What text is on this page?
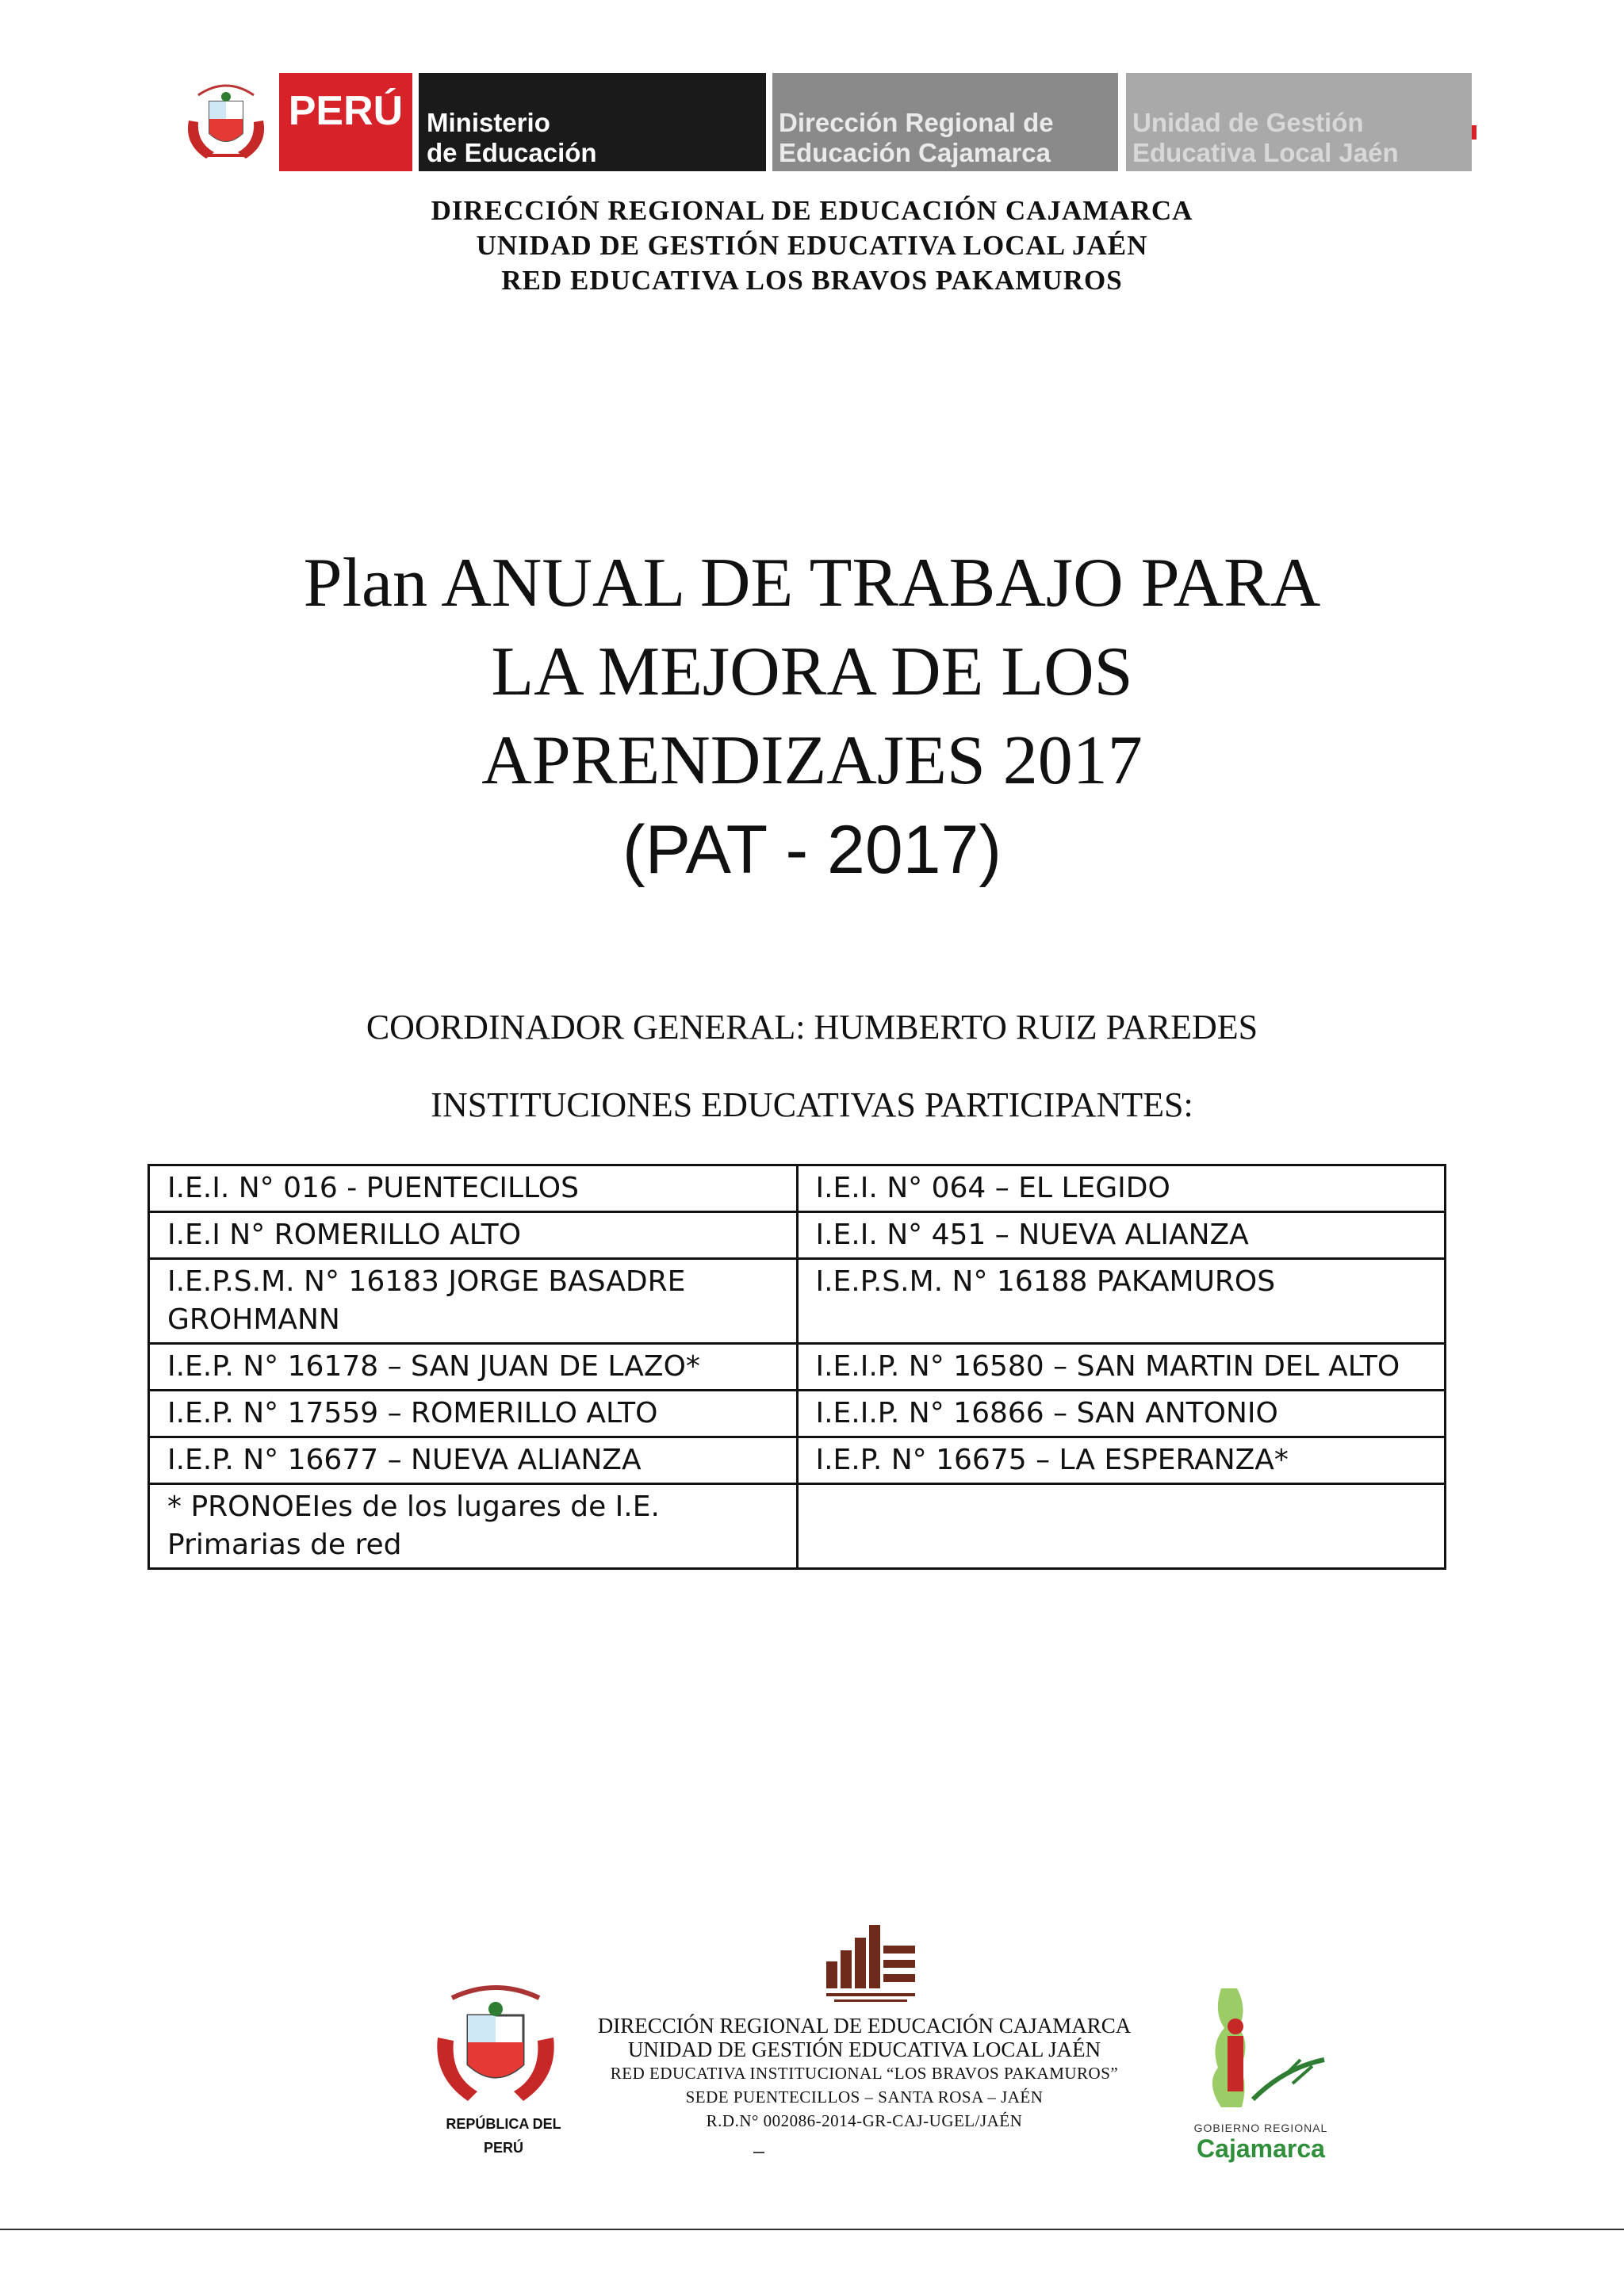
PERÚ Ministerio
de Educación
Dirección Regional de
Educación Cajamarca
Unidad de Gestión
Educativa Local Jaén
DIRECCIÓN REGIONAL DE EDUCACIÓN CAJAMARCA
UNIDAD DE GESTIÓN EDUCATIVA LOCAL JAÉN
RED EDUCATIVA LOS BRAVOS PAKAMUROS
Plan ANUAL DE TRABAJO PARA
LA MEJORA DE LOS
APRENDIZAJES 2017
(PAT - 2017)
COORDINADOR GENERAL: HUMBERTO RUIZ PAREDES
INSTITUCIONES EDUCATIVAS PARTICIPANTES:
I.E.I. N° 016 - PUENTECILLOS	I.E.I. N° 064 – EL LEGIDO
I.E.I N° ROMERILLO ALTO	I.E.I. N° 451 – NUEVA ALIANZA
I.E.P.S.M. N° 16183 JORGE BASADRE GROHMANN	I.E.P.S.M. N° 16188 PAKAMUROS
I.E.P. N° 16178 – SAN JUAN DE LAZO*	I.E.I.P. N° 16580 – SAN MARTIN DEL ALTO
I.E.P. N° 17559 – ROMERILLO ALTO	I.E.I.P. N° 16866 – SAN ANTONIO
I.E.P. N° 16677 – NUEVA ALIANZA	I.E.P. N° 16675 – LA ESPERANZA*
* PRONOEIes de los lugares de I.E. Primarias de red	
REPÚBLICA DEL PERÚ
DIRECCIÓN REGIONAL DE EDUCACIÓN CAJAMARCA
UNIDAD DE GESTIÓN EDUCATIVA LOCAL JAÉN
RED EDUCATIVA INSTITUCIONAL “LOS BRAVOS PAKAMUROS”
SEDE PUENTECILLOS – SANTA ROSA – JAÉN
R.D.N° 002086-2014-GR-CAJ-UGEL/JAÉN	GOBIERNO REGIONAL
Cajamarca
